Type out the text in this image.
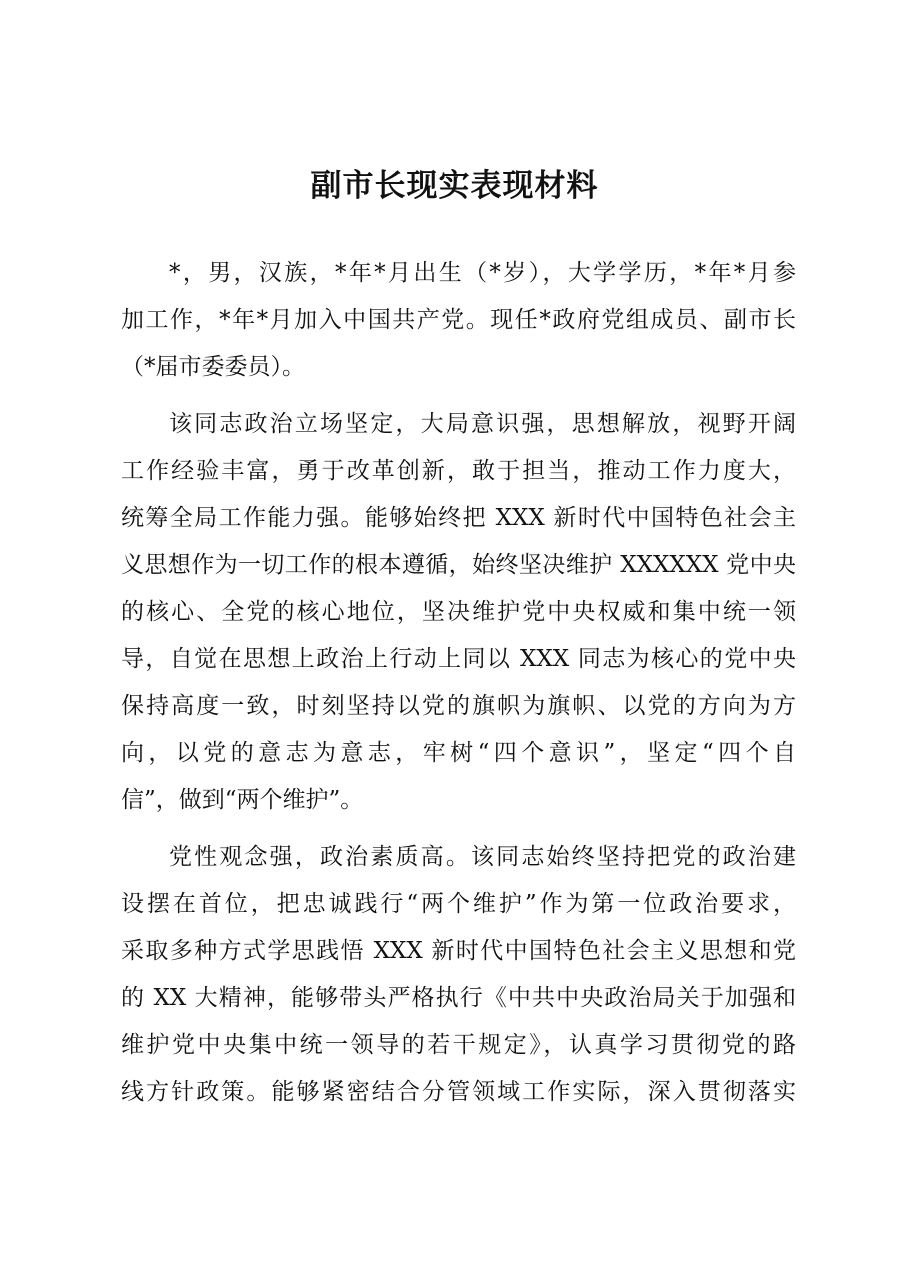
副市长现实表现材料

*，男，汉族，*年*月出生（*岁），大学学历，*年*月参
加工作，*年*月加入中国共产党。现任*政府党组成员、副市长
（*届市委委员）。

该同志政治立场坚定，大局意识强，思想解放，视野开阔
工作经验丰富，勇于改革创新，敢于担当，推动工作力度大，
统筹全局工作能力强。能够始终把 XXX 新时代中国特色社会主
义思想作为一切工作的根本遵循，始终坚决维护 XXXXXX 党中央
的核心、全党的核心地位，坚决维护党中央权威和集中统一领
导，自觉在思想上政治上行动上同以 XXX 同志为核心的党中央
保持高度一致，时刻坚持以党的旗帜为旗帜、以党的方向为方
向，以党的意志为意志，牢树“四个意识”，坚定“四个自
信”，做到“两个维护”。

党性观念强，政治素质高。该同志始终坚持把党的政治建
设摆在首位，把忠诚践行“两个维护”作为第一位政治要求，
采取多种方式学思践悟 XXX 新时代中国特色社会主义思想和党
的 XX 大精神，能够带头严格执行《中共中央政治局关于加强和
维护党中央集中统一领导的若干规定》，认真学习贯彻党的路
线方针政策。能够紧密结合分管领域工作实际，深入贯彻落实
